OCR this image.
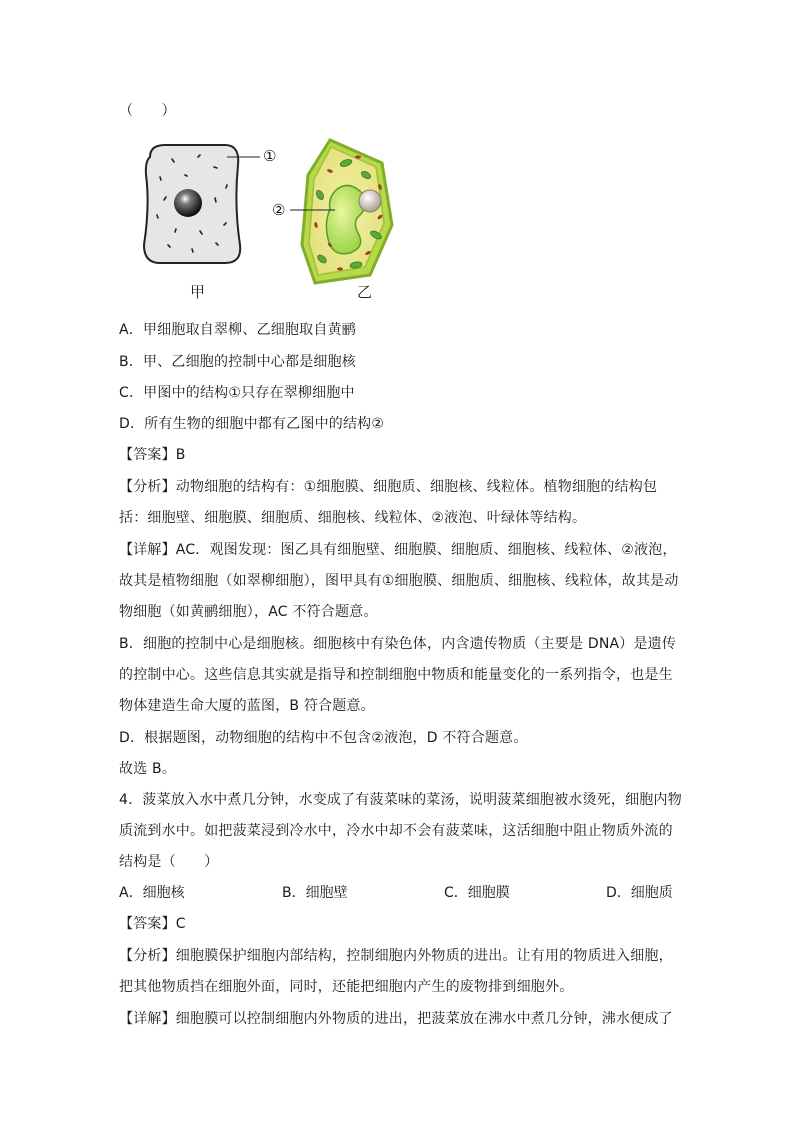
（　　）
①
②
甲	乙
A．甲细胞取自翠柳、乙细胞取自黄鹂
B．甲、乙细胞的控制中心都是细胞核
C．甲图中的结构①只存在翠柳细胞中
D．所有生物的细胞中都有乙图中的结构②
【答案】B
【分析】动物细胞的结构有：①细胞膜、细胞质、细胞核、线粒体。植物细胞的结构包
括：细胞壁、细胞膜、细胞质、细胞核、线粒体、②液泡、叶绿体等结构。
【详解】AC．观图发现：图乙具有细胞壁、细胞膜、细胞质、细胞核、线粒体、②液泡，
故其是植物细胞（如翠柳细胞），图甲具有①细胞膜、细胞质、细胞核、线粒体，故其是动
物细胞（如黄鹂细胞），AC 不符合题意。
B．细胞的控制中心是细胞核。细胞核中有染色体，内含遗传物质（主要是 DNA）是遗传
的控制中心。这些信息其实就是指导和控制细胞中物质和能量变化的一系列指令，也是生
物体建造生命大厦的蓝图，B 符合题意。
D．根据题图，动物细胞的结构中不包含②液泡，D 不符合题意。
故选 B。
4．菠菜放入水中煮几分钟，水变成了有菠菜味的菜汤，说明菠菜细胞被水烫死，细胞内物
质流到水中。如把菠菜浸到冷水中，冷水中却不会有菠菜味，这活细胞中阻止物质外流的
结构是（　　）
A．细胞核	B．细胞壁	C．细胞膜	D．细胞质
【答案】C
【分析】细胞膜保护细胞内部结构，控制细胞内外物质的进出。让有用的物质进入细胞，
把其他物质挡在细胞外面，同时，还能把细胞内产生的废物排到细胞外。
【详解】细胞膜可以控制细胞内外物质的进出，把菠菜放在沸水中煮几分钟，沸水便成了
